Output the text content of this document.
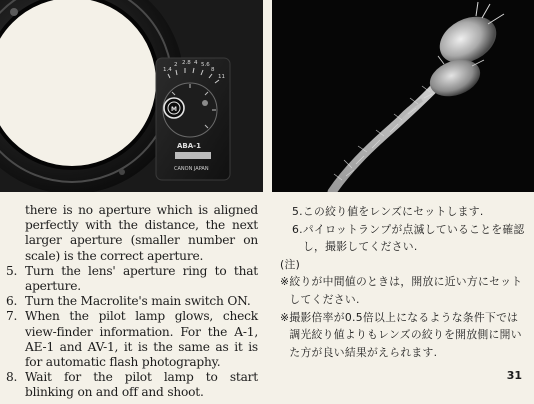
1.4
2 2.8 4 5.6
8
11
M
ABA-1
CANON JAPAN

there is no aperture which is aligned perfectly with the distance, the next larger aperture (smaller number on scale) is the correct aperture.

5. Turn the lens' aperture ring to that aperture.
6. Turn the Macrolite's main switch ON.
7. When the pilot lamp glows, check view-finder information. For the A-1, AE-1 and AV-1, it is the same as it is for automatic flash photography.
8. Wait for the pilot lamp to start blinking on and off and shoot.
5. この絞り値をレンズにセットします.
6. パイロットランプが点滅していることを確認し，撮影してください.

(注)

※ 絞りが中間値のときは，開放に近い方にセットしてください.
※ 撮影倍率が0.5倍以上になるような条件下では調光絞り値よりもレンズの絞りを開放側に開いた方が良い結果がえられます.
31
